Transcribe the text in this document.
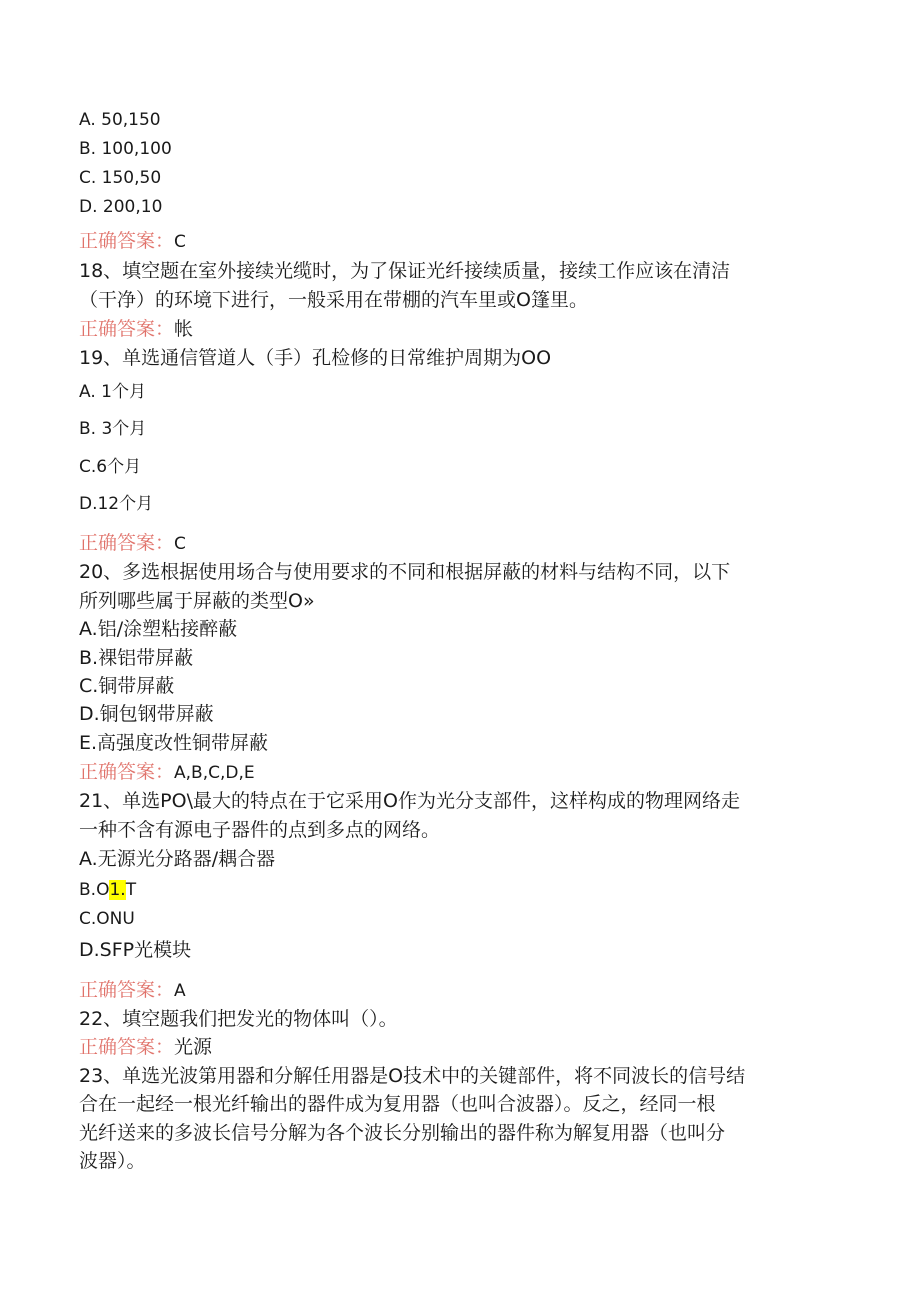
A. 50,150
B. 100,100
C. 150,50
D. 200,10
正确答案：C
18、填空题在室外接续光缆时，为了保证光纤接续质量，接续工作应该在清洁
（干净）的环境下进行，一般采用在带棚的汽车里或O篷里。
正确答案：帐
19、单选通信管道人（手）孔检修的日常维护周期为OO
A. 1个月
B. 3个月
C.6个月
D.12个月
正确答案：C
20、多选根据使用场合与使用要求的不同和根据屏蔽的材料与结构不同，以下
所列哪些属于屏蔽的类型O»
A.铝/涂塑粘接醉蔽
B.裸铝带屏蔽
C.铜带屏蔽
D.铜包钢带屏蔽
E.高强度改性铜带屏蔽
正确答案：A,B,C,D,E
21、单选PO\最大的特点在于它采用O作为光分支部件，这样构成的物理网络走
一种不含有源电子器件的点到多点的网络。
A.无源光分路器/耦合器
B.O1.T
C.ONU
D.SFP光模块
正确答案：A
22、填空题我们把发光的物体叫（）。
正确答案：光源
23、单选光波第用器和分解任用器是O技术中的关键部件，将不同波长的信号结
合在一起经一根光纤输出的器件成为复用器（也叫合波器）。反之，经同一根
光纤送来的多波长信号分解为各个波长分别输出的器件称为解复用器（也叫分
波器）。
